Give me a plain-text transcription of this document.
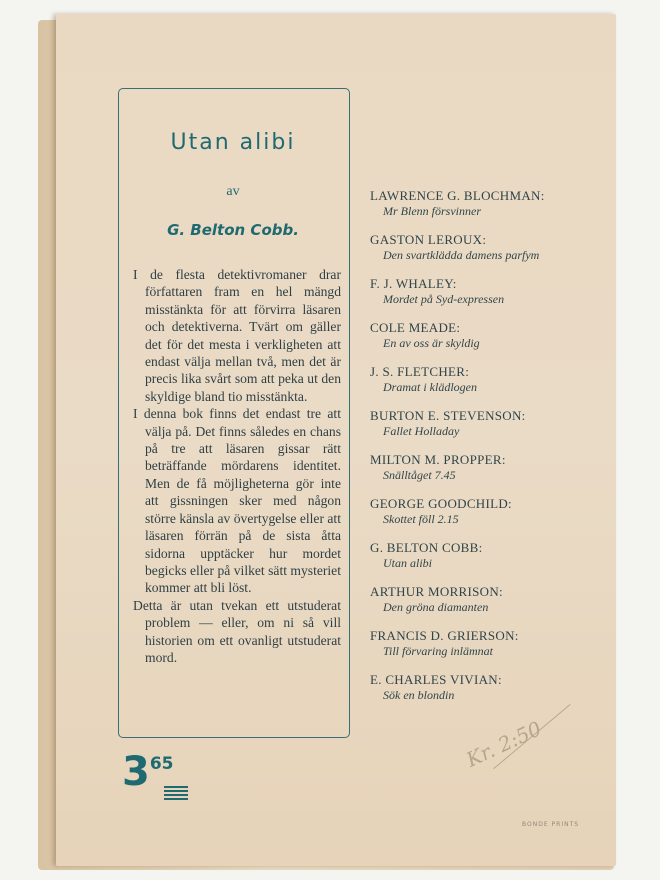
Utan alibi
av
G. Belton Cobb.

I de flesta detektivromaner drar författaren fram en hel mängd misstänkta för att förvirra läsaren och detektiverna. Tvärt om gäller det för det mesta i verkligheten att endast välja mellan två, men det är precis lika svårt som att peka ut den skyldige bland tio misstänkta.

I denna bok finns det endast tre att välja på. Det finns således en chans på tre att läsaren gissar rätt beträffande mördarens identitet. Men de få möjligheterna gör inte att gissningen sker med någon större känsla av övertygelse eller att läsaren förrän på de sista åtta sidorna upptäcker hur mordet begicks eller på vilket sätt mysteriet kommer att bli löst.

Detta är utan tvekan ett utstuderat problem — eller, om ni så vill historien om ett ovanligt utstuderat mord.

365
LAWRENCE G. BLOCHMAN:
Mr Blenn försvinner
GASTON LEROUX:
Den svartklädda damens parfym
F. J. WHALEY:
Mordet på Syd-expressen
COLE MEADE:
En av oss är skyldig
J. S. FLETCHER:
Dramat i klädlogen
BURTON E. STEVENSON:
Fallet Holladay
MILTON M. PROPPER:
Snälltåget 7.45
GEORGE GOODCHILD:
Skottet föll 2.15
G. BELTON COBB:
Utan alibi
ARTHUR MORRISON:
Den gröna diamanten
FRANCIS D. GRIERSON:
Till förvaring inlämnat
E. CHARLES VIVIAN:
Sök en blondin
Kr. 2:50
BONDE PRINTS
